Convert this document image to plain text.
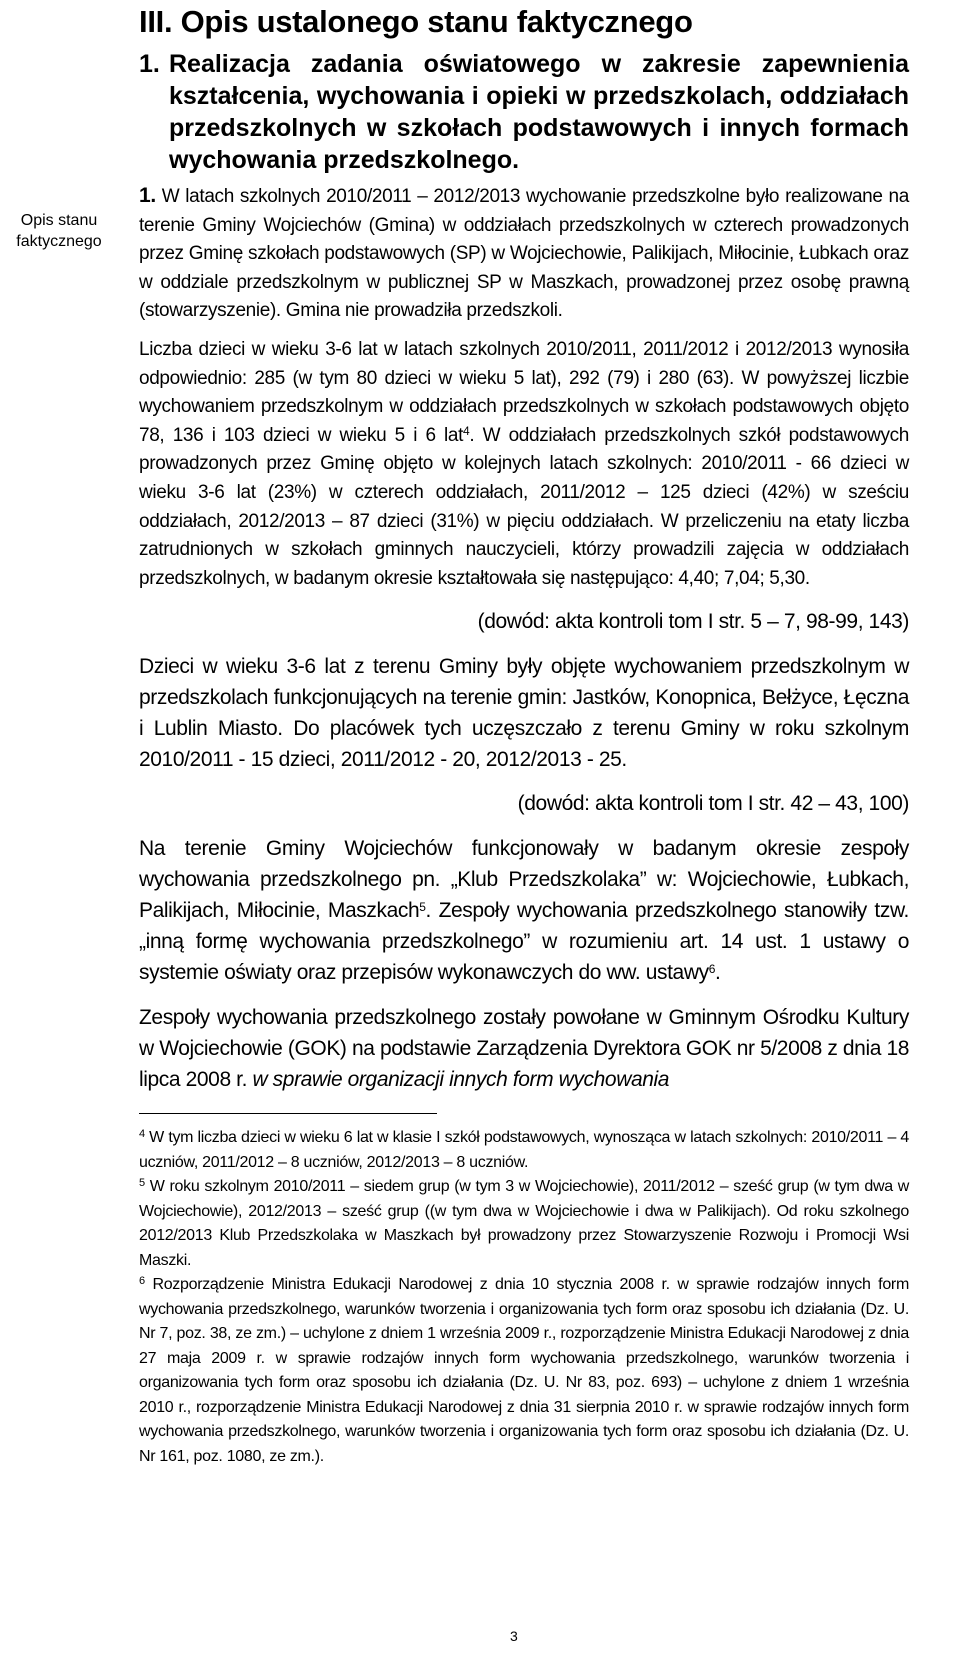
Opis stanu
faktycznego
III. Opis ustalonego stanu faktycznego
1. Realizacja zadania oświatowego w zakresie zapewnienia kształcenia, wychowania i opieki w przedszkolach, oddziałach przedszkolnych w szkołach podstawowych i innych formach wychowania przedszkolnego.

1. W latach szkolnych 2010/2011 – 2012/2013 wychowanie przedszkolne było realizowane na terenie Gminy Wojciechów (Gmina) w oddziałach przedszkolnych w czterech prowadzonych przez Gminę szkołach podstawowych (SP) w Wojciechowie, Palikijach, Miłocinie, Łubkach oraz w oddziale przedszkolnym w publicznej SP w Maszkach, prowadzonej przez osobę prawną (stowarzyszenie). Gmina nie prowadziła przedszkoli.

Liczba dzieci w wieku 3-6 lat w latach szkolnych 2010/2011, 2011/2012 i 2012/2013 wynosiła odpowiednio: 285 (w tym 80 dzieci w wieku 5 lat), 292 (79) i 280 (63). W powyższej liczbie wychowaniem przedszkolnym w oddziałach przedszkolnych w szkołach podstawowych objęto 78, 136 i 103 dzieci w wieku 5 i 6 lat$^4$. W oddziałach przedszkolnych szkół podstawowych prowadzonych przez Gminę objęto w kolejnych latach szkolnych: 2010/2011 - 66 dzieci w wieku 3-6 lat (23%) w czterech oddziałach, 2011/2012 – 125 dzieci (42%) w sześciu oddziałach, 2012/2013 – 87 dzieci (31%) w pięciu oddziałach. W przeliczeniu na etaty liczba zatrudnionych w szkołach gminnych nauczycieli, którzy prowadzili zajęcia w oddziałach przedszkolnych, w badanym okresie kształtowała się następująco: 4,40; 7,04; 5,30.

(dowód: akta kontroli tom I str. 5 – 7, 98-99, 143)

Dzieci w wieku 3-6 lat z terenu Gminy były objęte wychowaniem przedszkolnym w przedszkolach funkcjonujących na terenie gmin: Jastków, Konopnica, Bełżyce, Łęczna i Lublin Miasto. Do placówek tych uczęszczało z terenu Gminy w roku szkolnym 2010/2011 - 15 dzieci, 2011/2012 - 20, 2012/2013 - 25.

(dowód: akta kontroli tom I str. 42 – 43, 100)

Na terenie Gminy Wojciechów funkcjonowały w badanym okresie zespoły wychowania przedszkolnego pn. „Klub Przedszkolaka” w: Wojciechowie, Łubkach, Palikijach, Miłocinie, Maszkach$^5$. Zespoły wychowania przedszkolnego stanowiły tzw. „inną formę wychowania przedszkolnego” w rozumieniu art. 14 ust. 1 ustawy o systemie oświaty oraz przepisów wykonawczych do ww. ustawy$^6$.

Zespoły wychowania przedszkolnego zostały powołane w Gminnym Ośrodku Kultury w Wojciechowie (GOK) na podstawie Zarządzenia Dyrektora GOK nr 5/2008 z dnia 18 lipca 2008 r. w sprawie organizacji innych form wychowania

$^4$ W tym liczba dzieci w wieku 6 lat w klasie I szkół podstawowych, wynosząca w latach szkolnych: 2010/2011 – 4 uczniów, 2011/2012 – 8 uczniów, 2012/2013 – 8 uczniów.

$^5$ W roku szkolnym 2010/2011 – siedem grup (w tym 3 w Wojciechowie), 2011/2012 – sześć grup (w tym dwa w Wojciechowie), 2012/2013 – sześć grup ((w tym dwa w Wojciechowie i dwa w Palikijach). Od roku szkolnego 2012/2013 Klub Przedszkolaka w Maszkach był prowadzony przez Stowarzyszenie Rozwoju i Promocji Wsi Maszki.

$^6$ Rozporządzenie Ministra Edukacji Narodowej z dnia 10 stycznia 2008 r. w sprawie rodzajów innych form wychowania przedszkolnego, warunków tworzenia i organizowania tych form oraz sposobu ich działania (Dz. U. Nr 7, poz. 38, ze zm.) – uchylone z dniem 1 września 2009 r., rozporządzenie Ministra Edukacji Narodowej z dnia 27 maja 2009 r. w sprawie rodzajów innych form wychowania przedszkolnego, warunków tworzenia i organizowania tych form oraz sposobu ich działania (Dz. U. Nr 83, poz. 693) – uchylone z dniem 1 września 2010 r., rozporządzenie Ministra Edukacji Narodowej z dnia 31 sierpnia 2010 r. w sprawie rodzajów innych form wychowania przedszkolnego, warunków tworzenia i organizowania tych form oraz sposobu ich działania (Dz. U. Nr 161, poz. 1080, ze zm.).

3
